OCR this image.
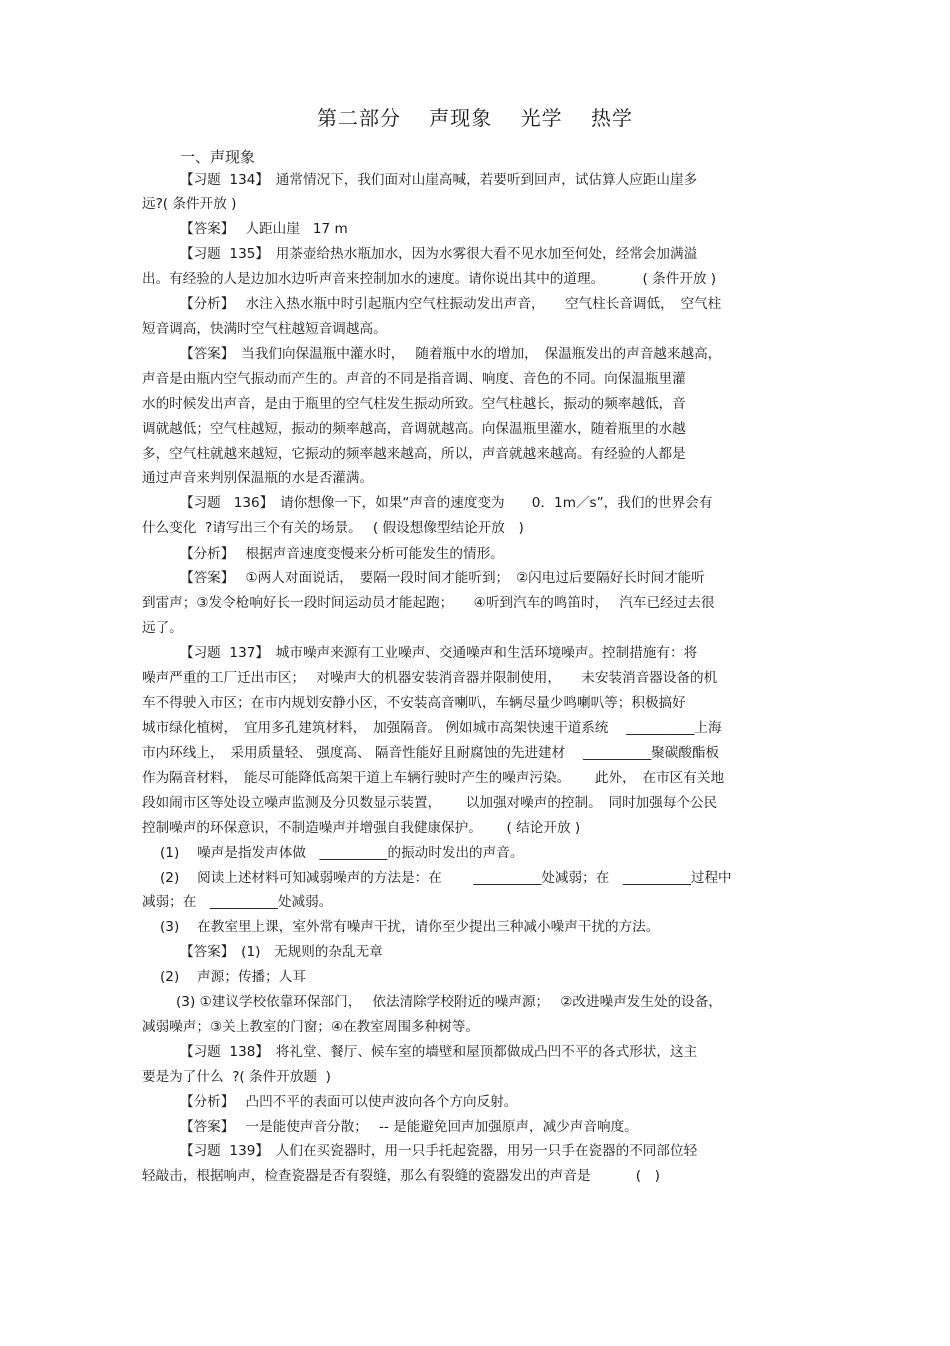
第二部分　 声现象　 光学　 热学
一、声现象
【习题  134】　通常情况下，我们面对山崖高喊，若要听到回声，试估算人应距山崖多
远?( 条件开放 )
【答案】　 人距山崖   17 m
【习题  135】　用茶壶给热水瓶加水，因为水雾很大看不见水加至何处，经常会加满溢
出。有经验的人是边加水边听声音来控制加水的速度。请你说出其中的道理。　　　 ( 条件开放 )
【分析】　 水注入热水瓶中时引起瓶内空气柱振动发出声音，　　空气柱长音调低，　空气柱
短音调高，快满时空气柱越短音调越高。
【答案】　当我们向保温瓶中灌水时，　 随着瓶中水的增加，　保温瓶发出的声音越来越高，
声音是由瓶内空气振动而产生的。声音的不同是指音调、响度、音色的不同。向保温瓶里灌
水的时候发出声音，是由于瓶里的空气柱发生振动所致。空气柱越长，振动的频率越低，音
调就越低；空气柱越短，振动的频率越高，音调就越高。向保温瓶里灌水，随着瓶里的水越
多，空气柱就越来越短，它振动的频率越来越高，所以，声音就越来越高。有经验的人都是
通过声音来判别保温瓶的水是否灌满。
【习题   136】　请你想像一下，如果“声音的速度变为　　0．1m／s”，我们的世界会有
什么变化  ?请写出三个有关的场景。　 ( 假设想像型结论开放　)
【分析】　 根据声音速度变慢来分析可能发生的情形。
【答案】　 ①两人对面说话，　要隔一段时间才能听到；　②闪电过后要隔好长时间才能听
到雷声；③发令枪响好长一段时间运动员才能起跑；　　④听到汽车的鸣笛时，　 汽车已经过去很
远了。
【习题  137】　城市噪声来源有工业噪声、交通噪声和生活环境噪声。控制措施有：将
噪声严重的工厂迁出市区；　 对噪声大的机器安装消音器并限制使用，　　未安装消音器设备的机
车不得驶入市区；在市内规划安静小区，不安装高音喇叭，车辆尽量少鸣喇叭等；积极搞好
城市绿化植树，　宜用多孔建筑材料，　加强隔音。 例如城市高架快速干道系统　 __________上海
市内环线上，　采用质量轻、 强度高、 隔音性能好且耐腐蚀的先进建材　 __________聚碳酸酯板
作为隔音材料，　能尽可能降低高架干道上车辆行驶时产生的噪声污染。　　 此外，　在市区有关地
段如闹市区等处设立噪声监测及分贝数显示装置，　　 以加强对噪声的控制。　同时加强每个公民
控制噪声的环保意识，不制造噪声并增强自我健康保护。　　 ( 结论开放 )
(1)　 噪声是指发声体做　__________的振动时发出的声音。
(2)　 阅读上述材料可知减弱噪声的方法是：在　　 __________处减弱；在　__________过程中
减弱；在　__________处减弱。
(3)　 在教室里上课，室外常有噪声干扰，请你至少提出三种减小噪声干扰的方法。
【答案】　(1)　无规则的杂乱无章
(2)　 声源；传播；人耳
(3) ①建议学校依靠环保部门，　 依法清除学校附近的噪声源；　 ②改进噪声发生处的设备，
减弱噪声；③关上教室的门窗；④在教室周围多种树等。
【习题  138】　将礼堂、餐厅、候车室的墙壁和屋顶都做成凸凹不平的各式形状，这主
要是为了什么  ?( 条件开放题  )
【分析】　 凸凹不平的表面可以使声波向各个方向反射。
【答案】　 一是能使声音分散；　 -- 是能避免回声加强原声，减少声音响度。
【习题  139】　人们在买瓷器时，用一只手托起瓷器，用另一只手在瓷器的不同部位轻
轻敲击，根据响声，检查瓷器是否有裂缝，那么有裂缝的瓷器发出的声音是　　　 (　)
